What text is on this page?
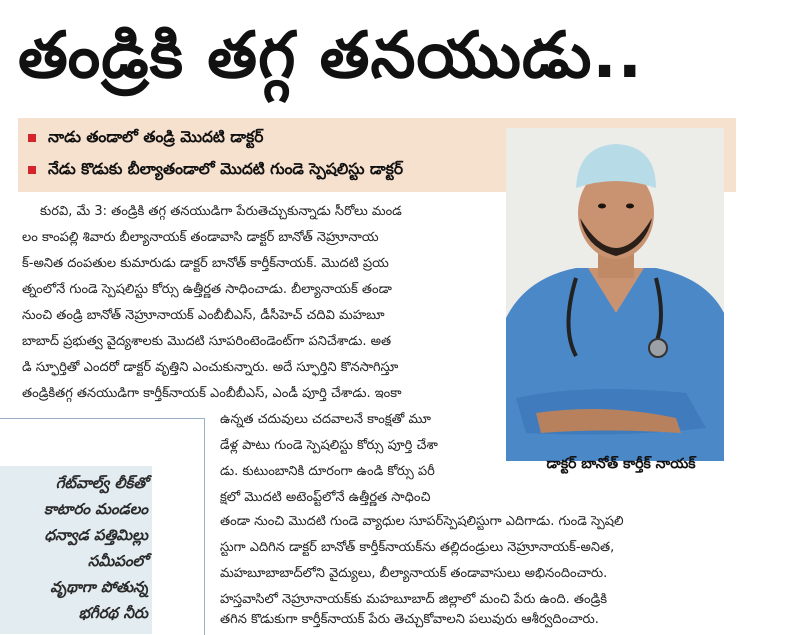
తండ్రికి తగ్గ తనయుడు..
నాడు తండాలో తండ్రి మొదటి డాక్టర్
నేడు కొడుకు బీల్యాతండాలో మొదటి గుండె స్పెషలిస్టు డాక్టర్
కురవి, మే 3: తండ్రికి తగ్గ తనయుడిగా పేరుతెచ్చుకున్నాడు సీరోలు మండ
లం కాంపల్లి శివారు బీల్యానాయక్ తండావాసి డాక్టర్ బానోత్ నెహ్రూనాయ
క్-అనిత దంపతుల కుమారుడు డాక్టర్ బానోత్ కార్తీక్‌నాయక్. మొదటి ప్రయ
త్నంలోనే గుండె స్పెషలిస్టు కోర్సు ఉత్తీర్ణత సాధించాడు. బీల్యానాయక్ తండా
నుంచి తండ్రి బానోత్ నెహ్రూనాయక్ ఎంబీబీఎస్, డీసీహెచ్ చదివి మహబూ
బాబాద్ ప్రభుత్వ వైద్యశాలకు మొదటి సూపరింటెండెంట్‌గా పనిచేశాడు. అత
డి స్ఫూర్తితో ఎందరో డాక్టర్ వృత్తిని ఎంచుకున్నారు. అదే స్ఫూర్తిని కొనసాగిస్తూ
తండ్రికితగ్గ తనయుడిగా కార్తీక్‌నాయక్ ఎంబీబీఎస్, ఎండీ పూర్తి చేశాడు. ఇంకా
ఉన్నత చదువులు చదవాలనే కాంక్షతో మూ
డేళ్ల పాటు గుండె స్పెషలిస్టు కోర్సు పూర్తి చేశా
డు. కుటుంబానికి దూరంగా ఉండి కోర్సు పరీ
క్షలో మొదటి అటెంప్ట్‌లోనే ఉత్తీర్ణత సాధించి
తండా నుంచి మొదటి గుండె వ్యాధుల సూపర్‌స్పెషలిస్టుగా ఎదిగాడు. గుండె స్పెషలి
స్టుగా ఎదిగిన డాక్టర్ బానోత్ కార్తీక్‌నాయక్‌ను తల్లిదండ్రులు నెహ్రూనాయక్-అనిత,
మహబూబాబాద్‌లోని వైద్యులు, బీల్యానాయక్ తండావాసులు అభినందించారు.
హస్తవాసిలో నెహ్రూనాయక్‌కు మహబూబాద్ జిల్లాలో మంచి పేరు ఉంది. తండ్రికి
తగిన కొడుకుగా కార్తీక్‌నాయక్ పేరు తెచ్చుకోవాలని పలువురు ఆశీర్వదించారు.
డాక్టర్ బానోత్ కార్తీక్ నాయక్
గేట్‌వాల్వ్ లీక్‌తో
కాటారం మండలం
ధన్వాడ పత్తిమిల్లు
సమీపంలో
వృథాగా పోతున్న
భగీరథ నీరు
